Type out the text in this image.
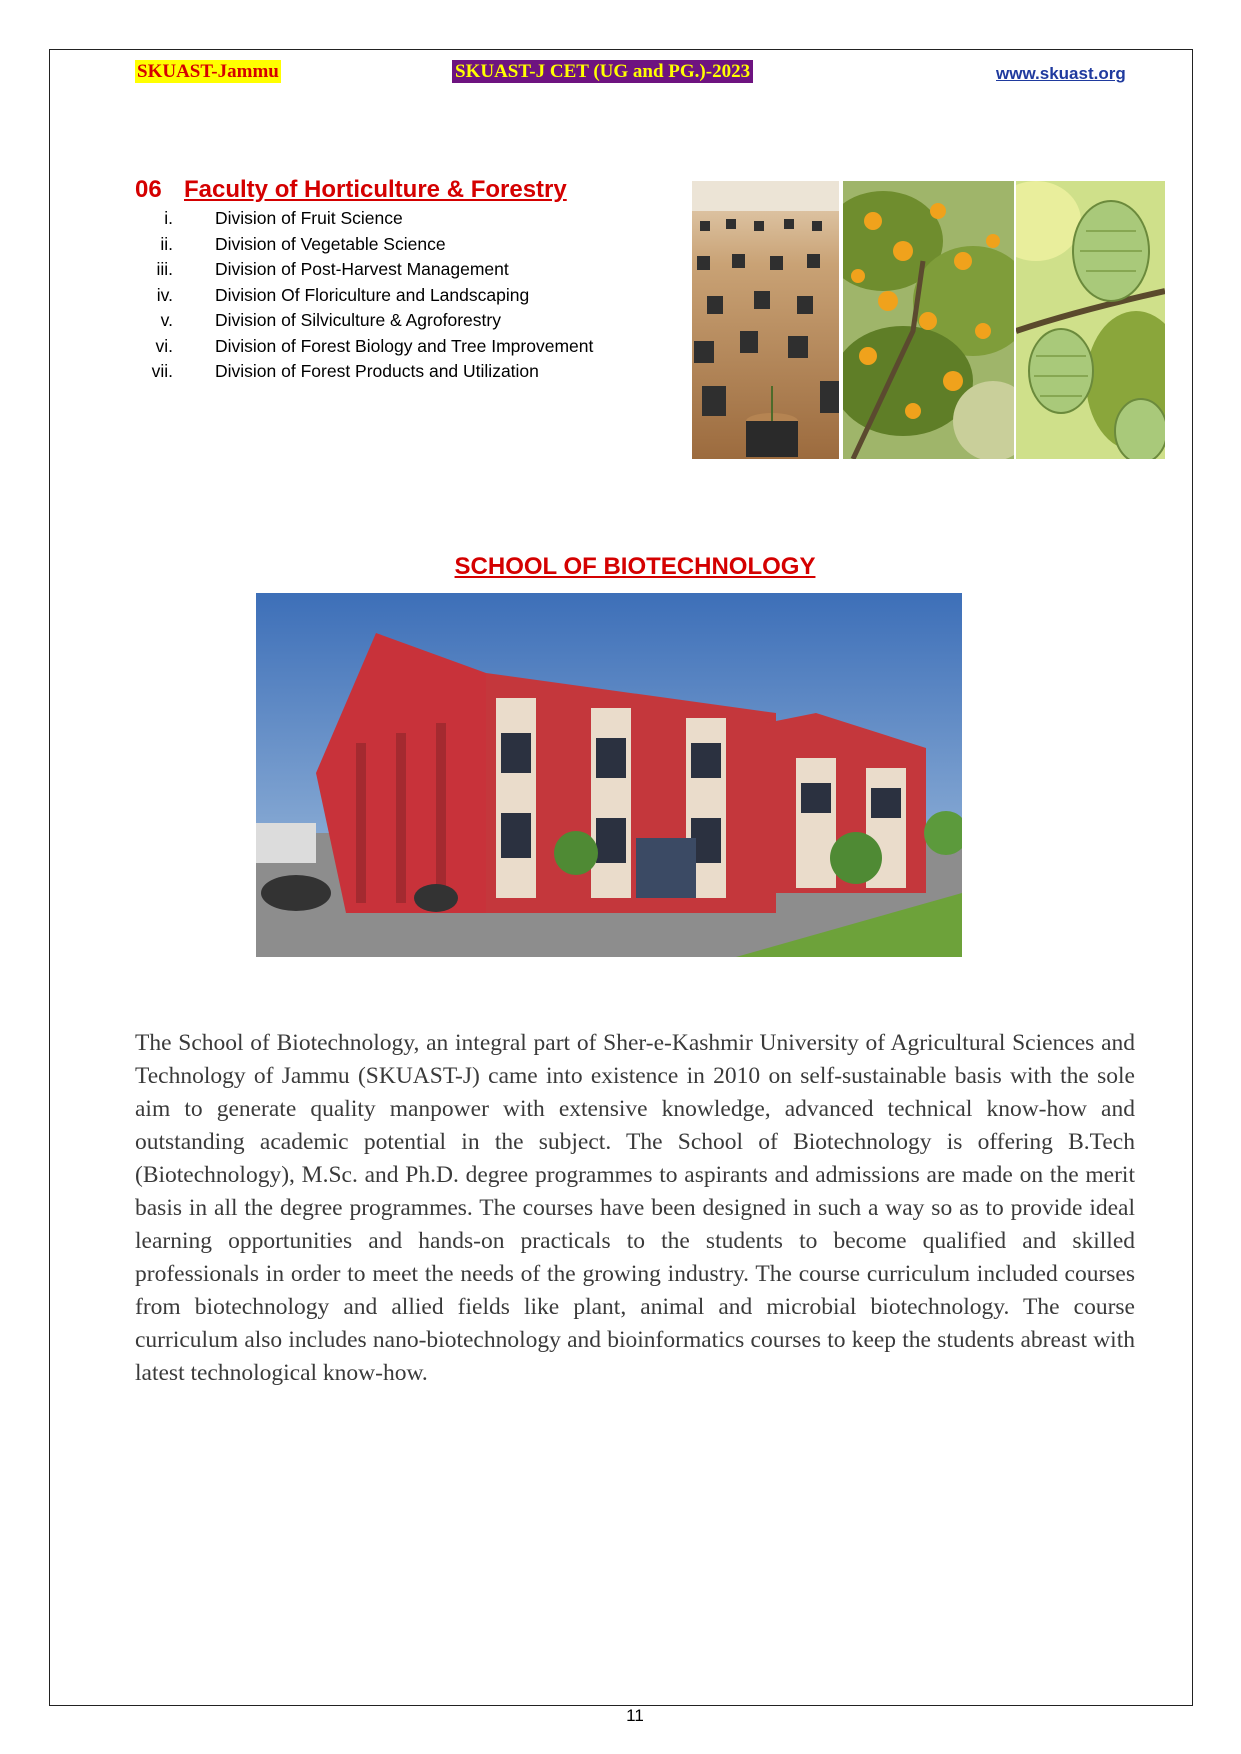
SKUAST-Jammu	SKUAST-J CET (UG and PG.)-2023	www.skuast.org
06 Faculty of Horticulture & Forestry
i. Division of Fruit Science
ii. Division of Vegetable Science
iii. Division of Post-Harvest Management
iv. Division Of Floriculture and Landscaping
v. Division of Silviculture & Agroforestry
vi. Division of Forest Biology and Tree Improvement
vii. Division of Forest Products and Utilization
SCHOOL OF BIOTECHNOLOGY

The School of Biotechnology, an integral part of Sher-e-Kashmir University of Agricultural Sciences and Technology of Jammu (SKUAST-J) came into existence in 2010 on self-sustainable basis with the sole aim to generate quality manpower with extensive knowledge, advanced technical know-how and outstanding academic potential in the subject. The School of Biotechnology is offering B.Tech (Biotechnology), M.Sc. and Ph.D. degree programmes to aspirants and admissions are made on the merit basis in all the degree programmes. The courses have been designed in such a way so as to provide ideal learning opportunities and hands-on practicals to the students to become qualified and skilled professionals in order to meet the needs of the growing industry. The course curriculum included courses from biotechnology and allied fields like plant, animal and microbial biotechnology. The course curriculum also includes nano-biotechnology and bioinformatics courses to keep the students abreast with latest technological know-how.

11
